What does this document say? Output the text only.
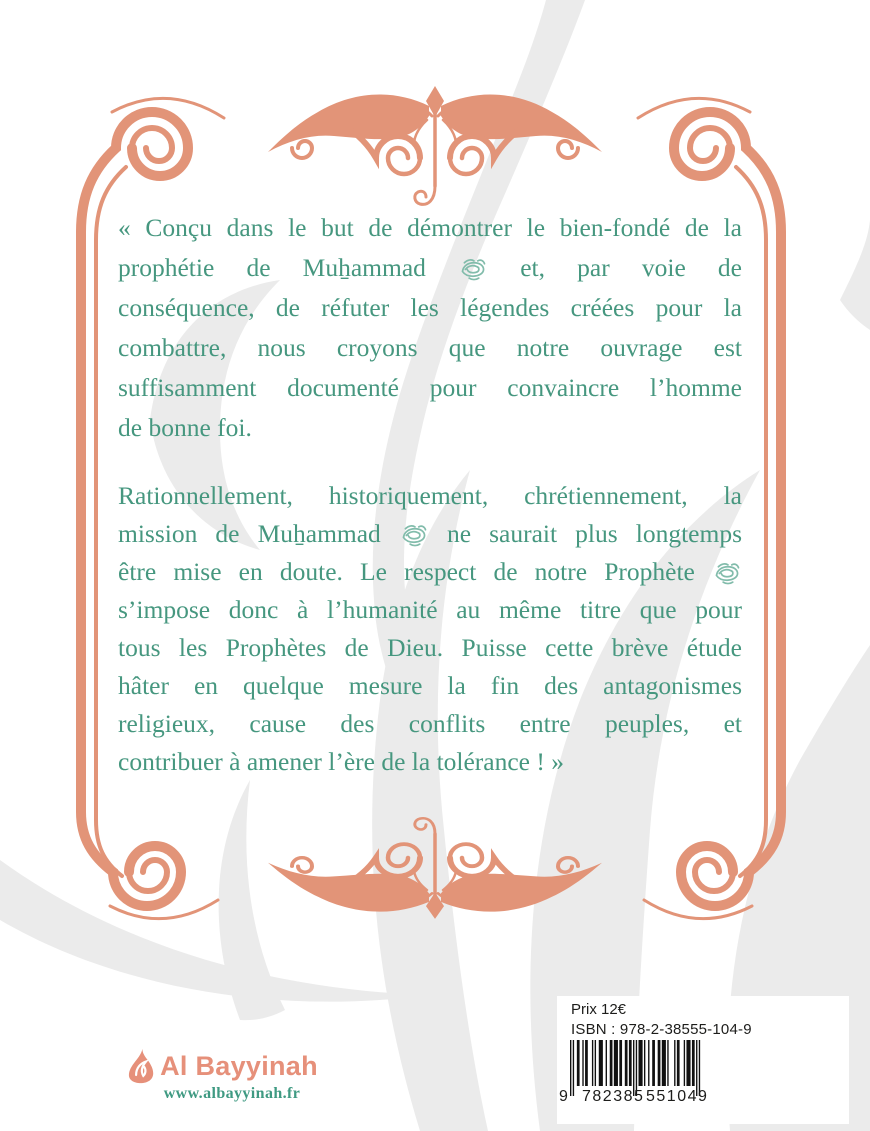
« Conçu dans le but de démontrer le bien-fondé de la
prophétie de Muẖammad	et, par voie de
conséquence, de réfuter les légendes créées pour la
combattre, nous croyons que notre ouvrage est
suffisamment documenté pour convaincre l’homme
de bonne foi.
Rationnellement, historiquement, chrétiennement, la
mission de Muẖammad	ne saurait plus longtemps
être mise en doute. Le respect de notre Prophète
s’impose donc à l’humanité au même titre que pour
tous les Prophètes de Dieu. Puisse cette brève étude
hâter en quelque mesure la fin des antagonismes
religieux, cause des conflits entre peuples, et
contribuer à amener l’ère de la tolérance ! »
Al Bayyinah
www.albayyinah.fr
Prix 12€
ISBN : 978-2-38555-104-9
9 782385 551049
